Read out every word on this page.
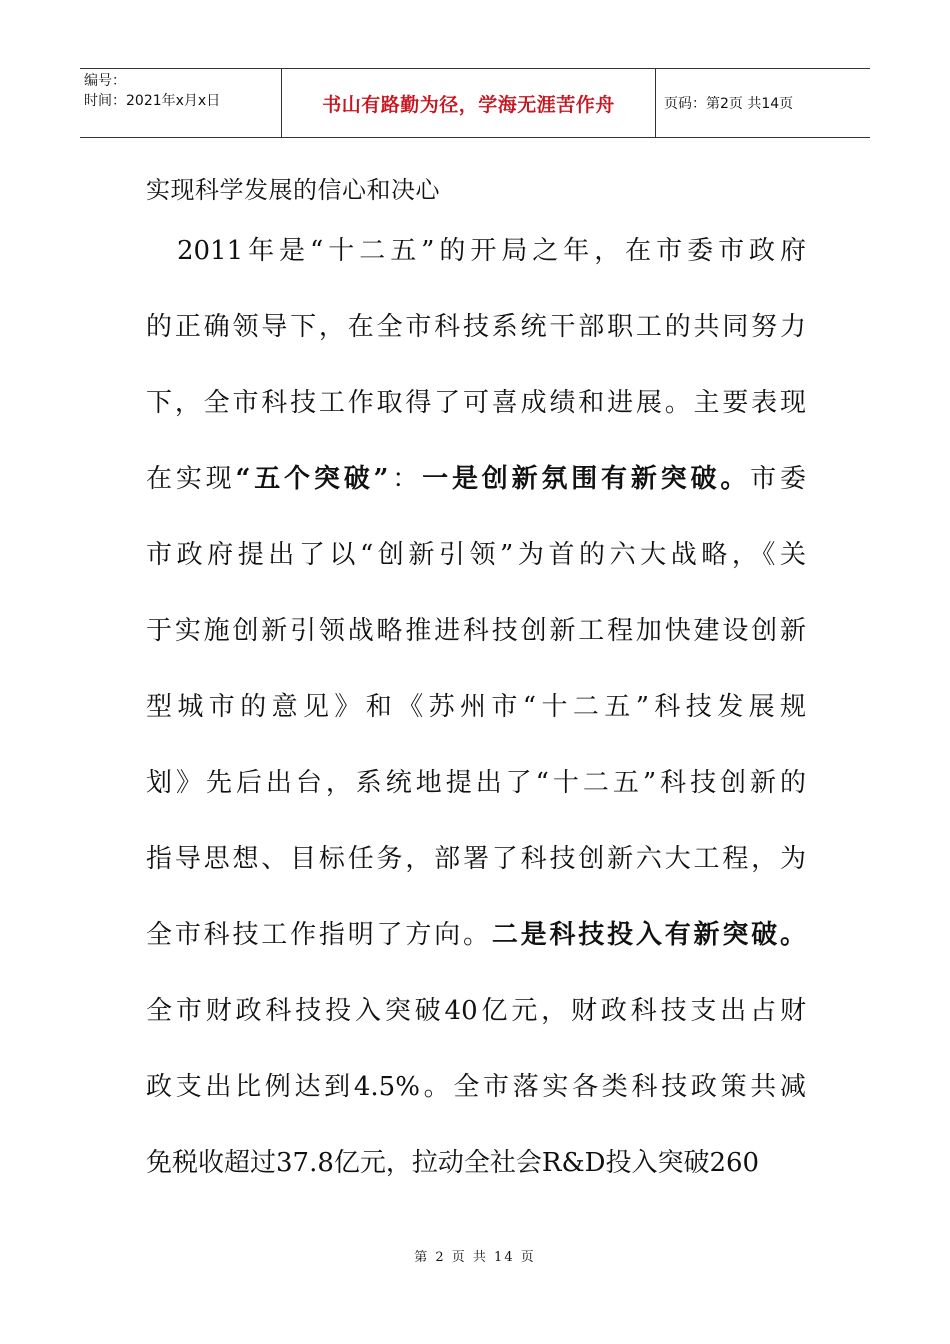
编号：
时间：2021年x月x日	书山有路勤为径，学海无涯苦作舟	页码：第2页 共14页
实现科学发展的信心和决心
　2011年是“十二五”的开局之年，在市委市政府
的正确领导下，在全市科技系统干部职工的共同努力
下，全市科技工作取得了可喜成绩和进展。主要表现
在实现“五个突破”：一是创新氛围有新突破。市委
市政府提出了以“创新引领”为首的六大战略，《关
于实施创新引领战略推进科技创新工程加快建设创新
型城市的意见》和《苏州市“十二五”科技发展规
划》先后出台，系统地提出了“十二五”科技创新的
指导思想、目标任务，部署了科技创新六大工程，为
全市科技工作指明了方向。二是科技投入有新突破。
全市财政科技投入突破40亿元，财政科技支出占财
政支出比例达到4.5%。全市落实各类科技政策共减
免税收超过37.8亿元，拉动全社会R&D投入突破260
第 2 页 共 14 页
